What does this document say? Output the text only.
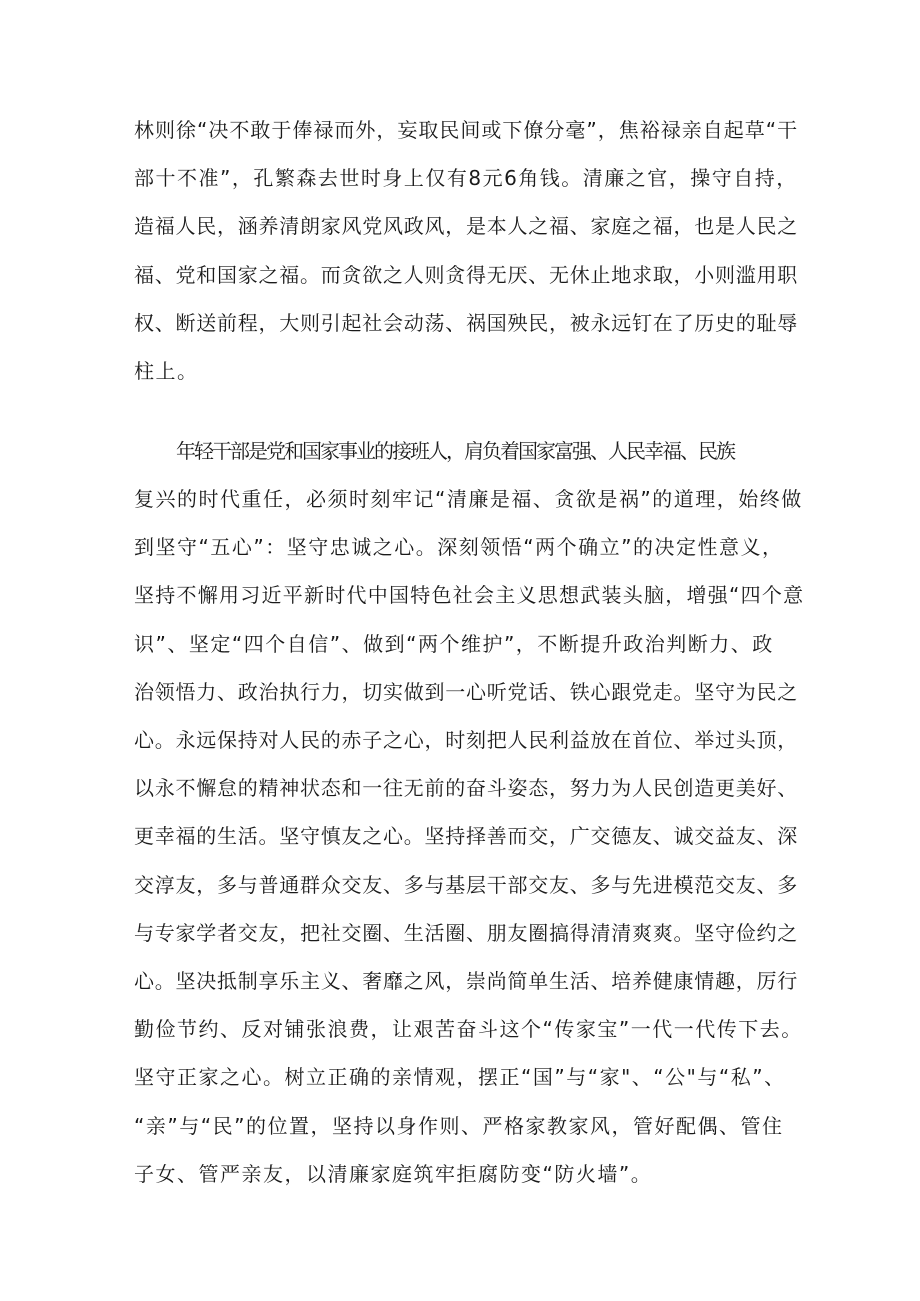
林则徐“决不敢于俸禄而外，妄取民间或下僚分毫”，焦裕禄亲自起草“干
部十不准”，孔繁森去世时身上仅有8元6角钱。清廉之官，操守自持，
造福人民，涵养清朗家风党风政风，是本人之福、家庭之福，也是人民之
福、党和国家之福。而贪欲之人则贪得无厌、无休止地求取，小则滥用职
权、断送前程，大则引起社会动荡、祸国殃民，被永远钉在了历史的耻辱
柱上。
年轻干部是党和国家事业的接班人，肩负着国家富强、人民幸福、民族
复兴的时代重任，必须时刻牢记“清廉是福、贪欲是祸”的道理，始终做
到坚守“五心”：坚守忠诚之心。深刻领悟“两个确立”的决定性意义，
坚持不懈用习近平新时代中国特色社会主义思想武装头脑，增强“四个意
识”、坚定“四个自信”、做到“两个维护”，不断提升政治判断力、政
治领悟力、政治执行力，切实做到一心听党话、铁心跟党走。坚守为民之
心。永远保持对人民的赤子之心，时刻把人民利益放在首位、举过头顶，
以永不懈怠的精神状态和一往无前的奋斗姿态，努力为人民创造更美好、
更幸福的生活。坚守慎友之心。坚持择善而交，广交德友、诚交益友、深
交淳友，多与普通群众交友、多与基层干部交友、多与先进模范交友、多
与专家学者交友，把社交圈、生活圈、朋友圈搞得清清爽爽。坚守俭约之
心。坚决抵制享乐主义、奢靡之风，崇尚简单生活、培养健康情趣，厉行
勤俭节约、反对铺张浪费，让艰苦奋斗这个“传家宝”一代一代传下去。
坚守正家之心。树立正确的亲情观，摆正“国”与“家"、“公"与“私”、
“亲”与“民”的位置，坚持以身作则、严格家教家风，管好配偶、管住
子女、管严亲友，以清廉家庭筑牢拒腐防变“防火墙”。
